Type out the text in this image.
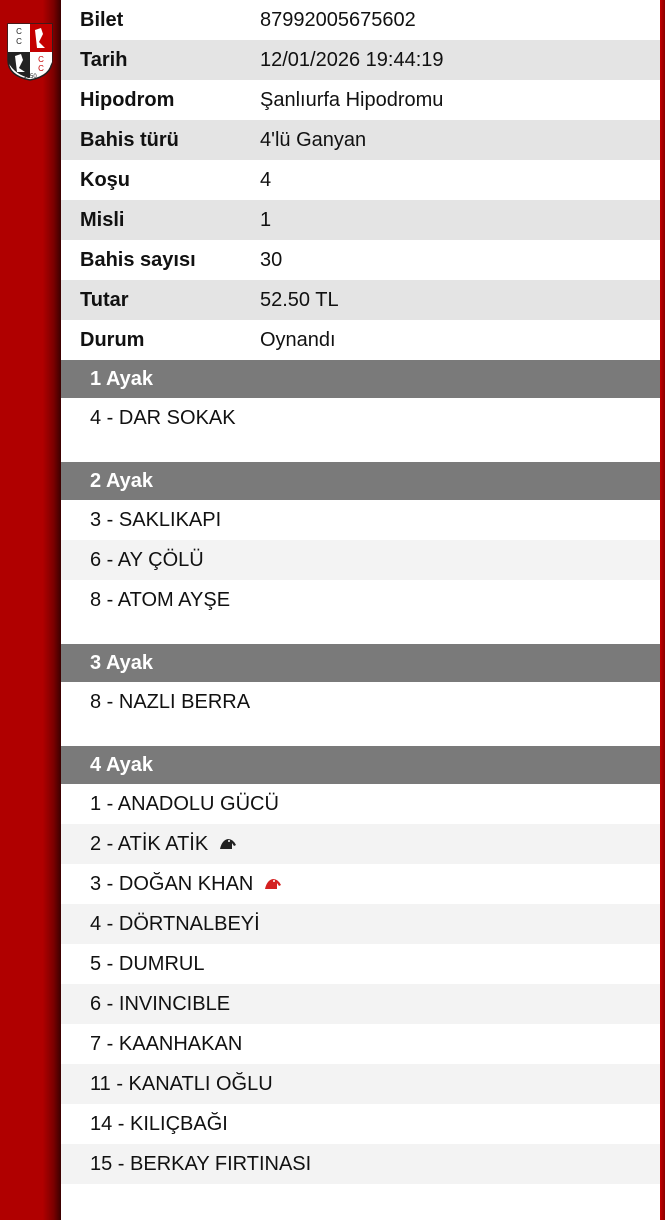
C
C
C
C
1950
Bilet	87992005675602
Tarih	12/01/2026 19:44:19
Hipodrom	Şanlıurfa Hipodromu
Bahis türü	4'lü Ganyan
Koşu	4
Misli	1
Bahis sayısı	30
Tutar	52.50 TL
Durum	Oynandı
1 Ayak
4 - DAR SOKAK
2 Ayak
3 - SAKLIKAPI
6 - AY ÇÖLÜ
8 - ATOM AYŞE
3 Ayak
8 - NAZLI BERRA
4 Ayak
1 - ANADOLU GÜCÜ
2 - ATİK ATİK
3 - DOĞAN KHAN
4 - DÖRTNALBEYİ
5 - DUMRUL
6 - INVINCIBLE
7 - KAANHAKAN
11 - KANATLI OĞLU
14 - KILIÇBAĞI
15 - BERKAY FIRTINASI
